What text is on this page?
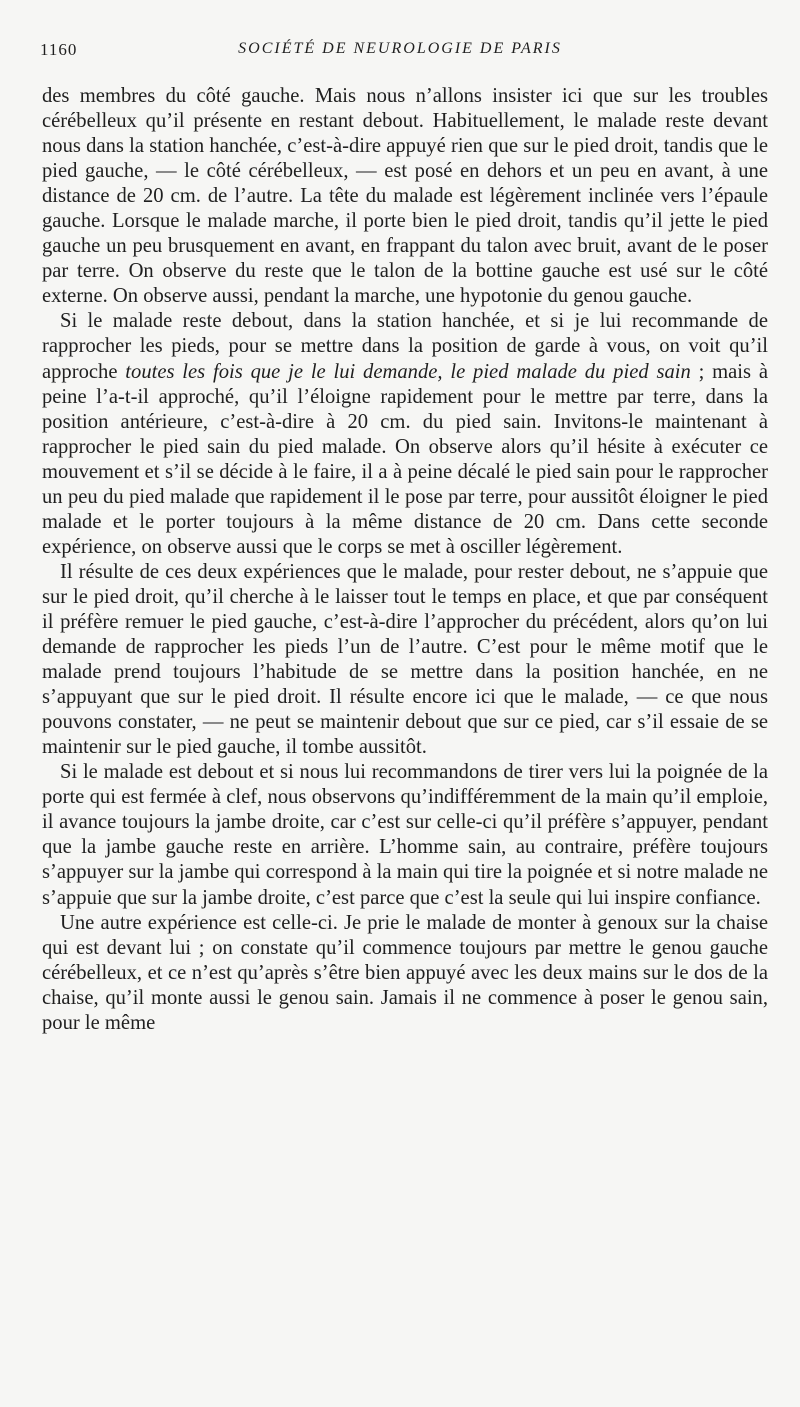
1160	SOCIÉTÉ DE NEUROLOGIE DE PARIS

des membres du côté gauche. Mais nous n’allons insister ici que sur les troubles cérébelleux qu’il présente en restant debout. Habituellement, le malade reste devant nous dans la station hanchée, c’est-à-dire appuyé rien que sur le pied droit, tandis que le pied gauche, — le côté cérébelleux, — est posé en dehors et un peu en avant, à une distance de 20 cm. de l’autre. La tête du malade est légèrement inclinée vers l’épaule gauche. Lorsque le malade marche, il porte bien le pied droit, tandis qu’il jette le pied gauche un peu brusquement en avant, en frappant du talon avec bruit, avant de le poser par terre. On observe du reste que le talon de la bottine gauche est usé sur le côté externe. On observe aussi, pendant la marche, une hypotonie du genou gauche.

Si le malade reste debout, dans la station hanchée, et si je lui recommande de rapprocher les pieds, pour se mettre dans la position de garde à vous, on voit qu’il approche toutes les fois que je le lui demande, le pied malade du pied sain ; mais à peine l’a-t-il approché, qu’il l’éloigne rapidement pour le mettre par terre, dans la position antérieure, c’est-à-dire à 20 cm. du pied sain. Invitons-le maintenant à rapprocher le pied sain du pied malade. On observe alors qu’il hésite à exécuter ce mouvement et s’il se décide à le faire, il a à peine décalé le pied sain pour le rapprocher un peu du pied malade que rapidement il le pose par terre, pour aussitôt éloigner le pied malade et le porter toujours à la même distance de 20 cm. Dans cette seconde expérience, on observe aussi que le corps se met à osciller légèrement.

Il résulte de ces deux expériences que le malade, pour rester debout, ne s’appuie que sur le pied droit, qu’il cherche à le laisser tout le temps en place, et que par conséquent il préfère remuer le pied gauche, c’est-à-dire l’approcher du précédent, alors qu’on lui demande de rapprocher les pieds l’un de l’autre. C’est pour le même motif que le malade prend toujours l’habitude de se mettre dans la position hanchée, en ne s’appuyant que sur le pied droit. Il résulte encore ici que le malade, — ce que nous pouvons constater, — ne peut se maintenir debout que sur ce pied, car s’il essaie de se maintenir sur le pied gauche, il tombe aussitôt.

Si le malade est debout et si nous lui recommandons de tirer vers lui la poignée de la porte qui est fermée à clef, nous observons qu’indifféremment de la main qu’il emploie, il avance toujours la jambe droite, car c’est sur celle-ci qu’il préfère s’appuyer, pendant que la jambe gauche reste en arrière. L’homme sain, au contraire, préfère toujours s’appuyer sur la jambe qui correspond à la main qui tire la poignée et si notre malade ne s’appuie que sur la jambe droite, c’est parce que c’est la seule qui lui inspire confiance.

Une autre expérience est celle-ci. Je prie le malade de monter à genoux sur la chaise qui est devant lui ; on constate qu’il commence toujours par mettre le genou gauche cérébelleux, et ce n’est qu’après s’être bien appuyé avec les deux mains sur le dos de la chaise, qu’il monte aussi le genou sain. Jamais il ne commence à poser le genou sain, pour le même
